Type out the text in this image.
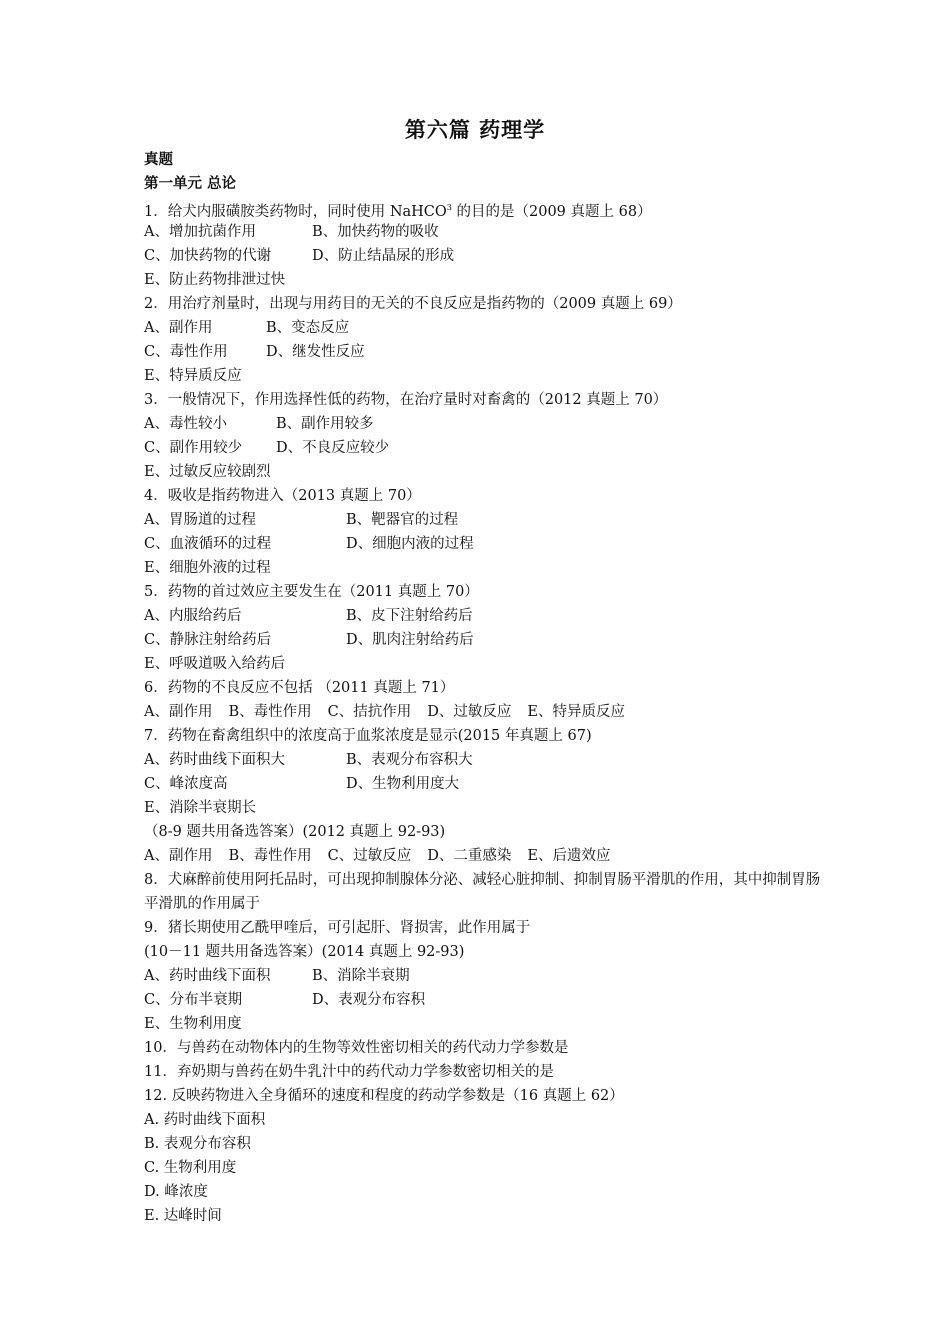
第六篇 药理学
真题
第一单元 总论
1．给犬内服磺胺类药物时，同时使用 NaHCO$^3$ 的目的是（2009 真题上 68）
A、增加抗菌作用	B、加快药物的吸收
C、加快药物的代谢	D、防止结晶尿的形成
E、防止药物排泄过快
2．用治疗剂量时，出现与用药目的无关的不良反应是指药物的（2009 真题上 69）
A、副作用	B、变态反应
C、毒性作用	D、继发性反应
E、特异质反应
3．一般情况下，作用选择性低的药物，在治疗量时对畜禽的（2012 真题上 70）
A、毒性较小	B、副作用较多
C、副作用较少 D、不良反应较少
E、过敏反应较剧烈
4．吸收是指药物进入（2013 真题上 70）
A、胃肠道的过程	B、靶器官的过程
C、血液循环的过程	D、细胞内液的过程
E、细胞外液的过程
5．药物的首过效应主要发生在（2011 真题上 70）
A、内服给药后	B、皮下注射给药后
C、静脉注射给药后	D、肌肉注射给药后
E、呼吸道吸入给药后
6．药物的不良反应不包括 （2011 真题上 71）
A、副作用 B、毒性作用 C、拮抗作用 D、过敏反应 E、特异质反应
7．药物在畜禽组织中的浓度高于血浆浓度是显示(2015 年真题上 67)
A、药时曲线下面积大	B、表观分布容积大
C、峰浓度高	D、生物利用度大
E、消除半衰期长
（8-9 题共用备选答案）(2012 真题上 92-93)
A、副作用 B、毒性作用 C、过敏反应 D、二重感染 E、后遗效应
8．犬麻醉前使用阿托品时，可出现抑制腺体分泌、减轻心脏抑制、抑制胃肠平滑肌的作用，其中抑制胃肠平滑肌的作用属于
9．猪长期使用乙酰甲喹后，可引起肝、肾损害，此作用属于
(10－11 题共用备选答案）(2014 真题上 92-93)
A、药时曲线下面积	B、消除半衰期
C、分布半衰期	D、表观分布容积
E、生物利用度
10．与兽药在动物体内的生物等效性密切相关的药代动力学参数是
11．弃奶期与兽药在奶牛乳汁中的药代动力学参数密切相关的是
12. 反映药物进入全身循环的速度和程度的药动学参数是（16 真题上 62）
A. 药时曲线下面积
B. 表观分布容积
C. 生物利用度
D. 峰浓度
E. 达峰时间
